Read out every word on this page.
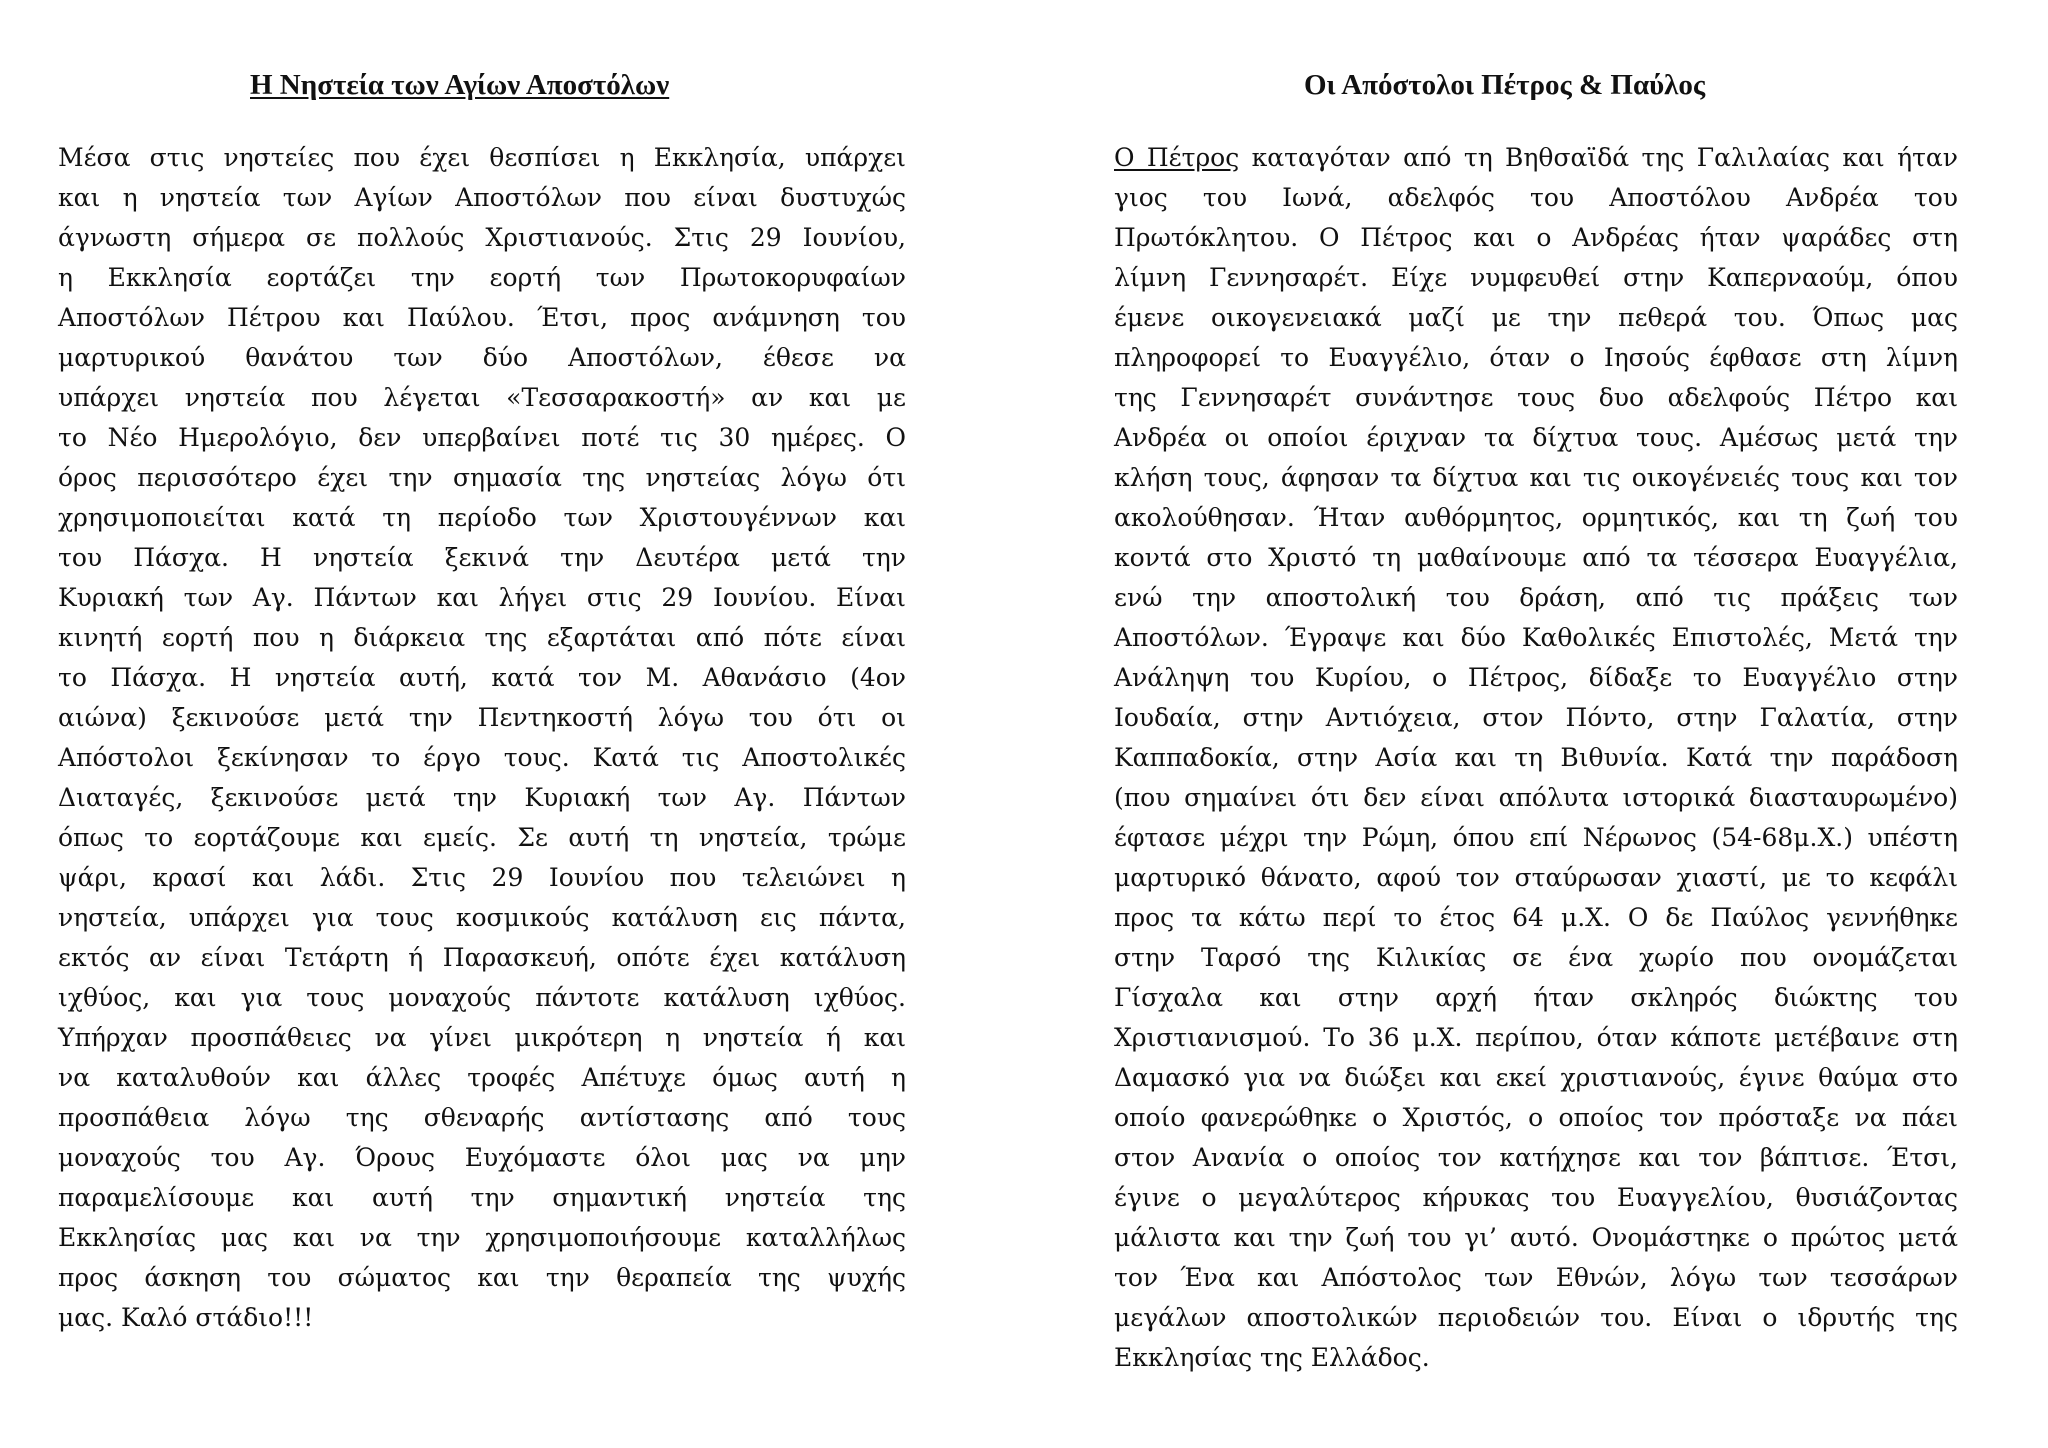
Η Νηστεία των Αγίων Αποστόλων
Μέσα στις νηστείες που έχει θεσπίσει η Εκκλησία, υπάρχει
και η νηστεία των Αγίων Αποστόλων που είναι δυστυχώς
άγνωστη σήμερα σε πολλούς Χριστιανούς. Στις 29 Ιουνίου,
η Εκκλησία εορτάζει την εορτή των Πρωτοκορυφαίων
Αποστόλων Πέτρου και Παύλου. Έτσι, προς ανάμνηση του
μαρτυρικού θανάτου των δύο Αποστόλων, έθεσε να
υπάρχει νηστεία που λέγεται «Τεσσαρακοστή» αν και με
το Νέο Ημερολόγιο, δεν υπερβαίνει ποτέ τις 30 ημέρες. Ο
όρος περισσότερο έχει την σημασία της νηστείας λόγω ότι
χρησιμοποιείται κατά τη περίοδο των Χριστουγέννων και
του Πάσχα. Η νηστεία ξεκινά την Δευτέρα μετά την
Κυριακή των Αγ. Πάντων και λήγει στις 29 Ιουνίου. Είναι
κινητή εορτή που η διάρκεια της εξαρτάται από πότε είναι
το Πάσχα. Η νηστεία αυτή, κατά τον Μ. Αθανάσιο (4ον
αιώνα) ξεκινούσε μετά την Πεντηκοστή λόγω του ότι οι
Απόστολοι ξεκίνησαν το έργο τους. Κατά τις Αποστολικές
Διαταγές, ξεκινούσε μετά την Κυριακή των Αγ. Πάντων
όπως το εορτάζουμε και εμείς. Σε αυτή τη νηστεία, τρώμε
ψάρι, κρασί και λάδι. Στις 29 Ιουνίου που τελειώνει η
νηστεία, υπάρχει για τους κοσμικούς κατάλυση εις πάντα,
εκτός αν είναι Τετάρτη ή Παρασκευή, οπότε έχει κατάλυση
ιχθύος, και για τους μοναχούς πάντοτε κατάλυση ιχθύος.
Υπήρχαν προσπάθειες να γίνει μικρότερη η νηστεία ή και
να καταλυθούν και άλλες τροφές Απέτυχε όμως αυτή η
προσπάθεια λόγω της σθεναρής αντίστασης από τους
μοναχούς του Αγ. Όρους Ευχόμαστε όλοι μας να μην
παραμελίσουμε και αυτή την σημαντική νηστεία της
Εκκλησίας μας και να την χρησιμοποιήσουμε καταλλήλως
προς άσκηση του σώματος και την θεραπεία της ψυχής
μας. Καλό στάδιο!!!
Οι Απόστολοι Πέτρος & Παύλος
Ο Πέτρος καταγόταν από τη Βηθσαϊδά της Γαλιλαίας και ήταν
γιος του Ιωνά, αδελφός του Αποστόλου Ανδρέα του
Πρωτόκλητου. Ο Πέτρος και ο Ανδρέας ήταν ψαράδες στη
λίμνη Γεννησαρέτ. Είχε νυμφευθεί στην Καπερναούμ, όπου
έμενε οικογενειακά μαζί με την πεθερά του. Όπως μας
πληροφορεί το Ευαγγέλιο, όταν ο Ιησούς έφθασε στη λίμνη
της Γεννησαρέτ συνάντησε τους δυο αδελφούς Πέτρο και
Ανδρέα οι οποίοι έριχναν τα δίχτυα τους. Αμέσως μετά την
κλήση τους, άφησαν τα δίχτυα και τις οικογένειές τους και τον
ακολούθησαν. Ήταν αυθόρμητος, ορμητικός, και τη ζωή του
κοντά στο Χριστό τη μαθαίνουμε από τα τέσσερα Ευαγγέλια,
ενώ την αποστολική του δράση, από τις πράξεις των
Αποστόλων. Έγραψε και δύο Καθολικές Επιστολές, Μετά την
Ανάληψη του Κυρίου, ο Πέτρος, δίδαξε το Ευαγγέλιο στην
Ιουδαία, στην Αντιόχεια, στον Πόντο, στην Γαλατία, στην
Καππαδοκία, στην Ασία και τη Βιθυνία. Κατά την παράδοση
(που σημαίνει ότι δεν είναι απόλυτα ιστορικά διασταυρωμένο)
έφτασε μέχρι την Ρώμη, όπου επί Νέρωνος (54-68μ.Χ.) υπέστη
μαρτυρικό θάνατο, αφού τον σταύρωσαν χιαστί, με το κεφάλι
προς τα κάτω περί το έτος 64 μ.Χ. Ο δε Παύλος γεννήθηκε
στην Ταρσό της Κιλικίας σε ένα χωρίο που ονομάζεται
Γίσχαλα και στην αρχή ήταν σκληρός διώκτης του
Χριστιανισμού. Το 36 μ.Χ. περίπου, όταν κάποτε μετέβαινε στη
Δαμασκό για να διώξει και εκεί χριστιανούς, έγινε θαύμα στο
οποίο φανερώθηκε ο Χριστός, ο οποίος τον πρόσταξε να πάει
στον Ανανία ο οποίος τον κατήχησε και τον βάπτισε. Έτσι,
έγινε ο μεγαλύτερος κήρυκας του Ευαγγελίου, θυσιάζοντας
μάλιστα και την ζωή του γι’ αυτό. Ονομάστηκε ο πρώτος μετά
τον Ένα και Απόστολος των Εθνών, λόγω των τεσσάρων
μεγάλων αποστολικών περιοδειών του. Είναι ο ιδρυτής της
Εκκλησίας της Ελλάδος.
